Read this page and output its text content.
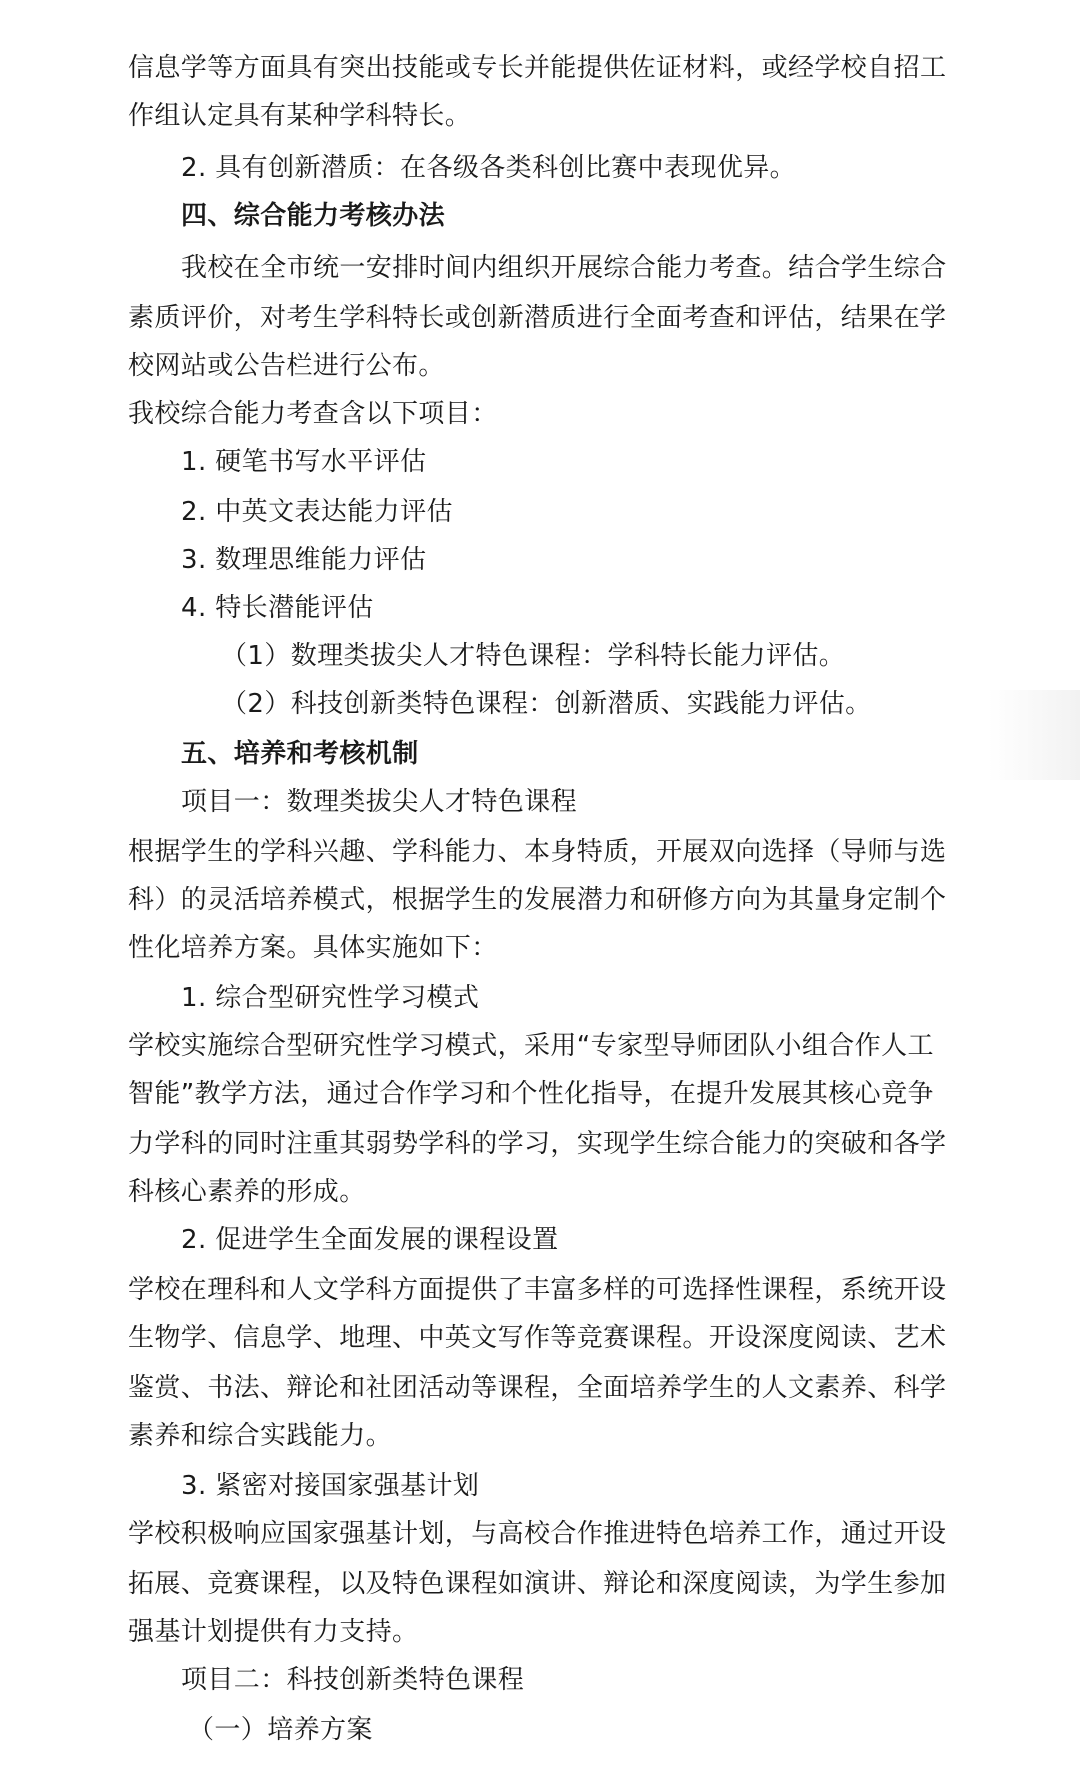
信息学等方面具有突出技能或专长并能提供佐证材料，或经学校自招工
作组认定具有某种学科特长。
2. 具有创新潜质：在各级各类科创比赛中表现优异。
四、综合能力考核办法
我校在全市统一安排时间内组织开展综合能力考查。结合学生综合
素质评价，对考生学科特长或创新潜质进行全面考查和评估，结果在学
校网站或公告栏进行公布。
我校综合能力考查含以下项目：
1. 硬笔书写水平评估
2. 中英文表达能力评估
3. 数理思维能力评估
4. 特长潜能评估
（1）数理类拔尖人才特色课程：学科特长能力评估。
（2）科技创新类特色课程：创新潜质、实践能力评估。
五、培养和考核机制
项目一：数理类拔尖人才特色课程
根据学生的学科兴趣、学科能力、本身特质，开展双向选择（导师与选
科）的灵活培养模式，根据学生的发展潜力和研修方向为其量身定制个
性化培养方案。具体实施如下：
1. 综合型研究性学习模式
学校实施综合型研究性学习模式，采用“专家型导师团队小组合作人工
智能”教学方法，通过合作学习和个性化指导，在提升发展其核心竞争
力学科的同时注重其弱势学科的学习，实现学生综合能力的突破和各学
科核心素养的形成。
2. 促进学生全面发展的课程设置
学校在理科和人文学科方面提供了丰富多样的可选择性课程，系统开设
生物学、信息学、地理、中英文写作等竞赛课程。开设深度阅读、艺术
鉴赏、书法、辩论和社团活动等课程，全面培养学生的人文素养、科学
素养和综合实践能力。
3. 紧密对接国家强基计划
学校积极响应国家强基计划，与高校合作推进特色培养工作，通过开设
拓展、竞赛课程，以及特色课程如演讲、辩论和深度阅读，为学生参加
强基计划提供有力支持。
项目二：科技创新类特色课程
（一）培养方案
